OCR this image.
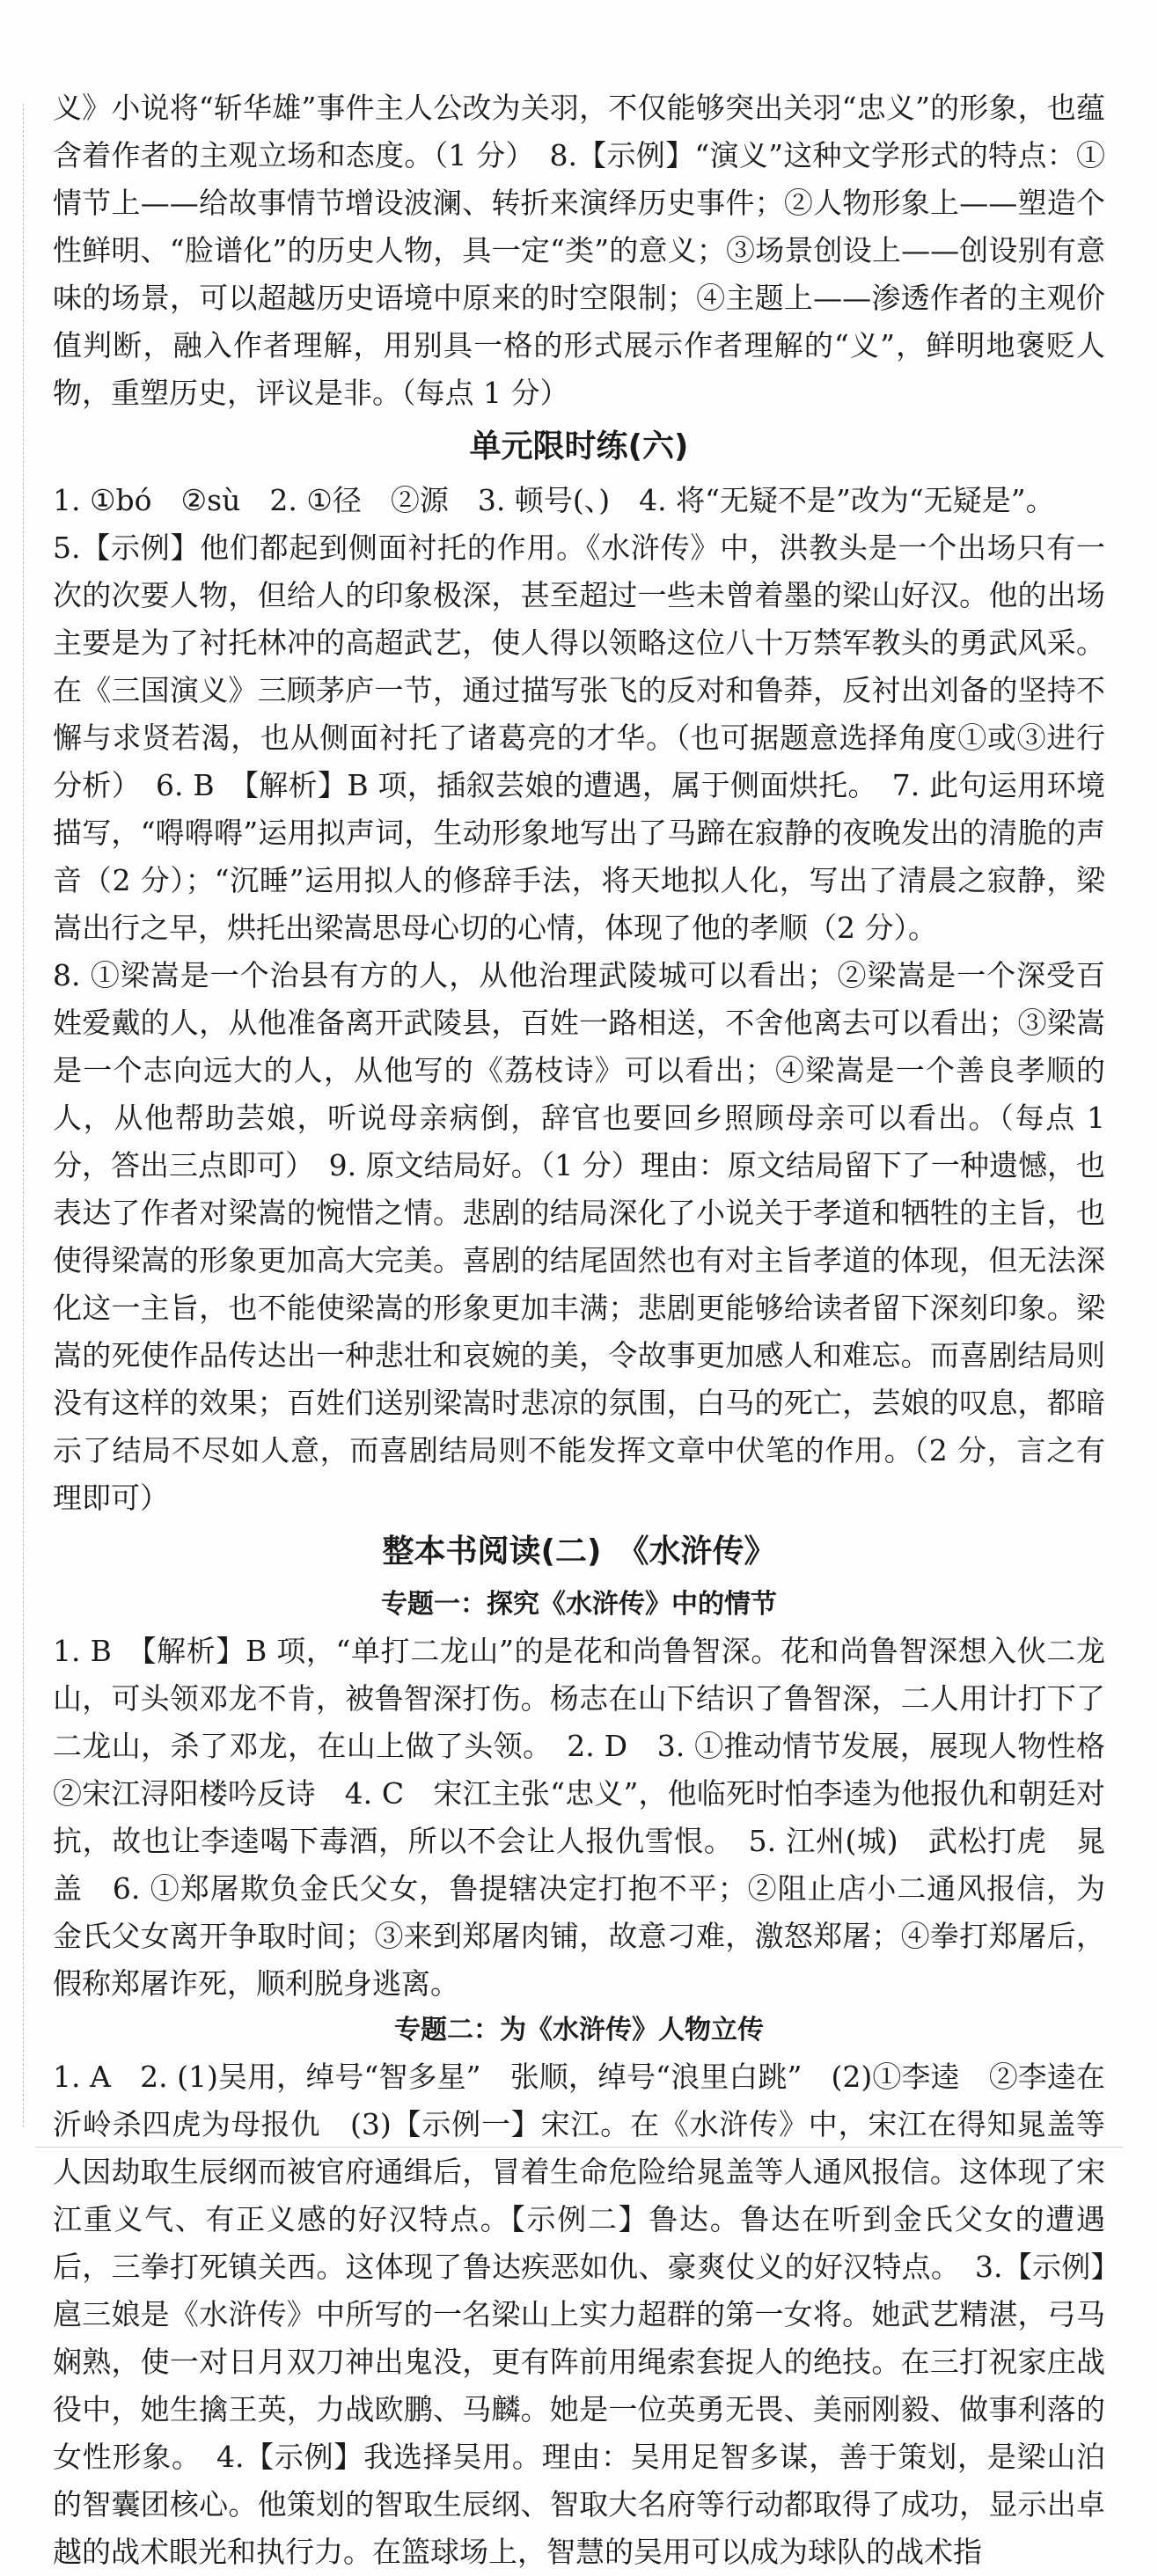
义》小说将“斩华雄”事件主人公改为关羽，不仅能够突出关羽“忠义”的形象，也蕴含着作者的主观立场和态度。（1 分）　8.【示例】“演义”这种文学形式的特点：①情节上——给故事情节增设波澜、转折来演绎历史事件；②人物形象上——塑造个性鲜明、“脸谱化”的历史人物，具一定“类”的意义；③场景创设上——创设别有意味的场景，可以超越历史语境中原来的时空限制；④主题上——渗透作者的主观价值判断，融入作者理解，用别具一格的形式展示作者理解的“义”，鲜明地褒贬人物，重塑历史，评议是非。（每点 1 分）

单元限时练(六)

1. ①bó　②sù　2. ①径　②源　3. 顿号(、)　4. 将“无疑不是”改为“无疑是”。

5.【示例】他们都起到侧面衬托的作用。《水浒传》中，洪教头是一个出场只有一次的次要人物，但给人的印象极深，甚至超过一些未曾着墨的梁山好汉。他的出场主要是为了衬托林冲的高超武艺，使人得以领略这位八十万禁军教头的勇武风采。在《三国演义》三顾茅庐一节，通过描写张飞的反对和鲁莽，反衬出刘备的坚持不懈与求贤若渴，也从侧面衬托了诸葛亮的才华。（也可据题意选择角度①或③进行分析）　6. B　【解析】B 项，插叙芸娘的遭遇，属于侧面烘托。　7. 此句运用环境描写，“嘚嘚嘚”运用拟声词，生动形象地写出了马蹄在寂静的夜晚发出的清脆的声音（2 分）；“沉睡”运用拟人的修辞手法，将天地拟人化，写出了清晨之寂静，梁嵩出行之早，烘托出梁嵩思母心切的心情，体现了他的孝顺（2 分）。

8. ①梁嵩是一个治县有方的人，从他治理武陵城可以看出；②梁嵩是一个深受百姓爱戴的人，从他准备离开武陵县，百姓一路相送，不舍他离去可以看出；③梁嵩是一个志向远大的人，从他写的《荔枝诗》可以看出；④梁嵩是一个善良孝顺的人，从他帮助芸娘，听说母亲病倒，辞官也要回乡照顾母亲可以看出。（每点 1 分，答出三点即可）　9. 原文结局好。（1 分）理由：原文结局留下了一种遗憾，也表达了作者对梁嵩的惋惜之情。悲剧的结局深化了小说关于孝道和牺牲的主旨，也使得梁嵩的形象更加高大完美。喜剧的结尾固然也有对主旨孝道的体现，但无法深化这一主旨，也不能使梁嵩的形象更加丰满；悲剧更能够给读者留下深刻印象。梁嵩的死使作品传达出一种悲壮和哀婉的美，令故事更加感人和难忘。而喜剧结局则没有这样的效果；百姓们送别梁嵩时悲凉的氛围，白马的死亡，芸娘的叹息，都暗示了结局不尽如人意，而喜剧结局则不能发挥文章中伏笔的作用。（2 分，言之有理即可）

整本书阅读(二)　《水浒传》
专题一：探究《水浒传》中的情节

1. B　【解析】B 项，“单打二龙山”的是花和尚鲁智深。花和尚鲁智深想入伙二龙山，可头领邓龙不肯，被鲁智深打伤。杨志在山下结识了鲁智深，二人用计打下了二龙山，杀了邓龙，在山上做了头领。　2. D　3. ①推动情节发展，展现人物性格　②宋江浔阳楼吟反诗　4. C　宋江主张“忠义”，他临死时怕李逵为他报仇和朝廷对抗，故也让李逵喝下毒酒，所以不会让人报仇雪恨。　5. 江州(城)　武松打虎　晁盖　6. ①郑屠欺负金氏父女，鲁提辖决定打抱不平；②阻止店小二通风报信，为金氏父女离开争取时间；③来到郑屠肉铺，故意刁难，激怒郑屠；④拳打郑屠后，假称郑屠诈死，顺利脱身逃离。

专题二：为《水浒传》人物立传

1. A　2. (1)吴用，绰号“智多星”　张顺，绰号“浪里白跳”　(2)①李逵　②李逵在沂岭杀四虎为母报仇　(3)【示例一】宋江。在《水浒传》中，宋江在得知晁盖等人因劫取生辰纲而被官府通缉后，冒着生命危险给晁盖等人通风报信。这体现了宋江重义气、有正义感的好汉特点。【示例二】鲁达。鲁达在听到金氏父女的遭遇后，三拳打死镇关西。这体现了鲁达疾恶如仇、豪爽仗义的好汉特点。　3.【示例】扈三娘是《水浒传》中所写的一名梁山上实力超群的第一女将。她武艺精湛，弓马娴熟，使一对日月双刀神出鬼没，更有阵前用绳索套捉人的绝技。在三打祝家庄战役中，她生擒王英，力战欧鹏、马麟。她是一位英勇无畏、美丽刚毅、做事利落的女性形象。　4.【示例】我选择吴用。理由：吴用足智多谋，善于策划，是梁山泊的智囊团核心。他策划的智取生辰纲、智取大名府等行动都取得了成功，显示出卓越的战术眼光和执行力。在篮球场上，智慧的吴用可以成为球队的战术指
